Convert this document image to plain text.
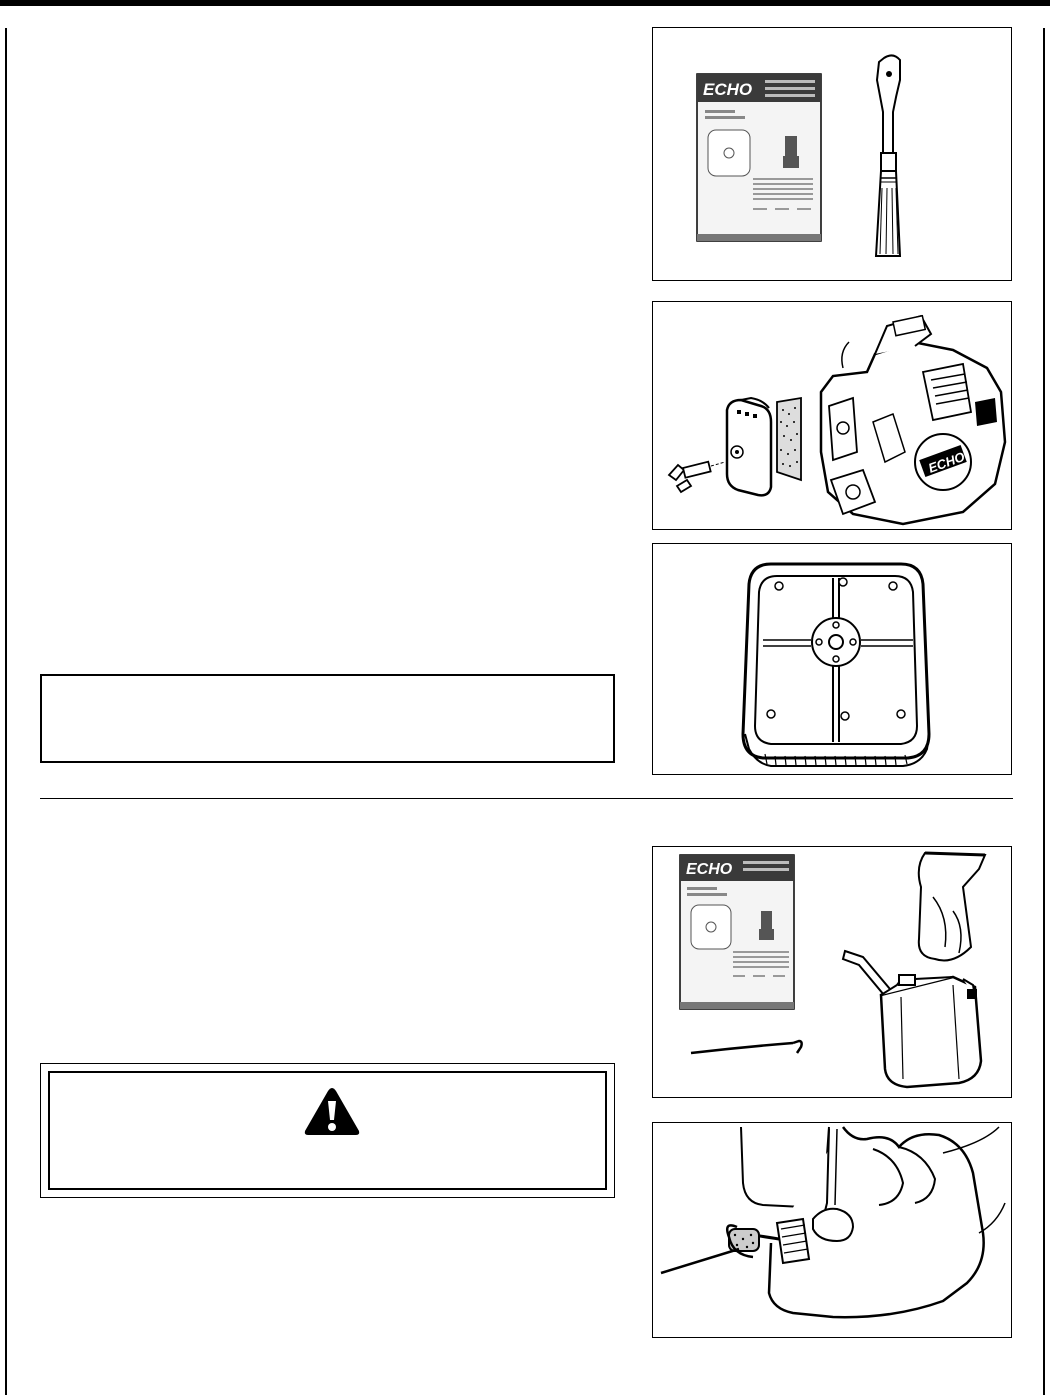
ECHO
ECHO
ECHO
